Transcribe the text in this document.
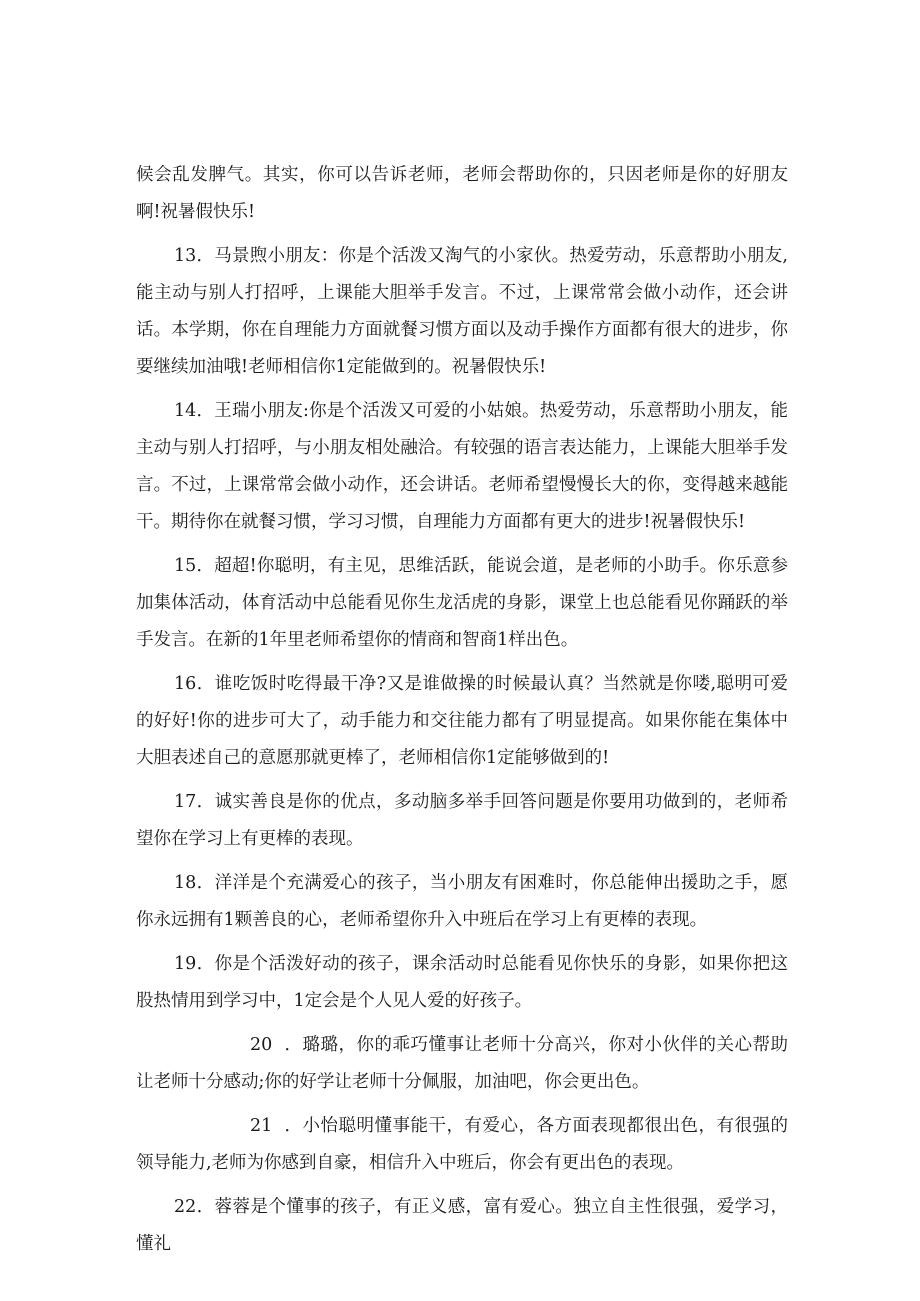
候会乱发脾气。其实，你可以告诉老师，老师会帮助你的，只因老师是你的好朋友啊!祝暑假快乐!

13．马景煦小朋友：你是个活泼又淘气的小家伙。热爱劳动，乐意帮助小朋友,能主动与别人打招呼，上课能大胆举手发言。不过，上课常常会做小动作，还会讲话。本学期，你在自理能力方面就餐习惯方面以及动手操作方面都有很大的进步，你要继续加油哦!老师相信你1定能做到的。祝暑假快乐!

14．王瑞小朋友:你是个活泼又可爱的小姑娘。热爱劳动，乐意帮助小朋友，能主动与别人打招呼，与小朋友相处融洽。有较强的语言表达能力，上课能大胆举手发言。不过，上课常常会做小动作，还会讲话。老师希望慢慢长大的你，变得越来越能干。期待你在就餐习惯，学习习惯，自理能力方面都有更大的进步!祝暑假快乐!

15．超超!你聪明，有主见，思维活跃，能说会道，是老师的小助手。你乐意参加集体活动，体育活动中总能看见你生龙活虎的身影，课堂上也总能看见你踊跃的举手发言。在新的1年里老师希望你的情商和智商1样出色。

16．谁吃饭时吃得最干净?又是谁做操的时候最认真？当然就是你喽,聪明可爱的好好!你的进步可大了，动手能力和交往能力都有了明显提高。如果你能在集体中大胆表述自己的意愿那就更棒了，老师相信你1定能够做到的!

17．诚实善良是你的优点，多动脑多举手回答问题是你要用功做到的，老师希望你在学习上有更棒的表现。

18．洋洋是个充满爱心的孩子，当小朋友有困难时，你总能伸出援助之手，愿你永远拥有1颗善良的心，老师希望你升入中班后在学习上有更棒的表现。

19．你是个活泼好动的孩子，课余活动时总能看见你快乐的身影，如果你把这股热情用到学习中，1定会是个人见人爱的好孩子。

20 ．璐璐，你的乖巧懂事让老师十分高兴，你对小伙伴的关心帮助让老师十分感动;你的好学让老师十分佩服，加油吧，你会更出色。

21 ．小怡聪明懂事能干，有爱心，各方面表现都很出色，有很强的领导能力,老师为你感到自豪，相信升入中班后，你会有更出色的表现。

22．蓉蓉是个懂事的孩子，有正义感，富有爱心。独立自主性很强，爱学习，懂礼
